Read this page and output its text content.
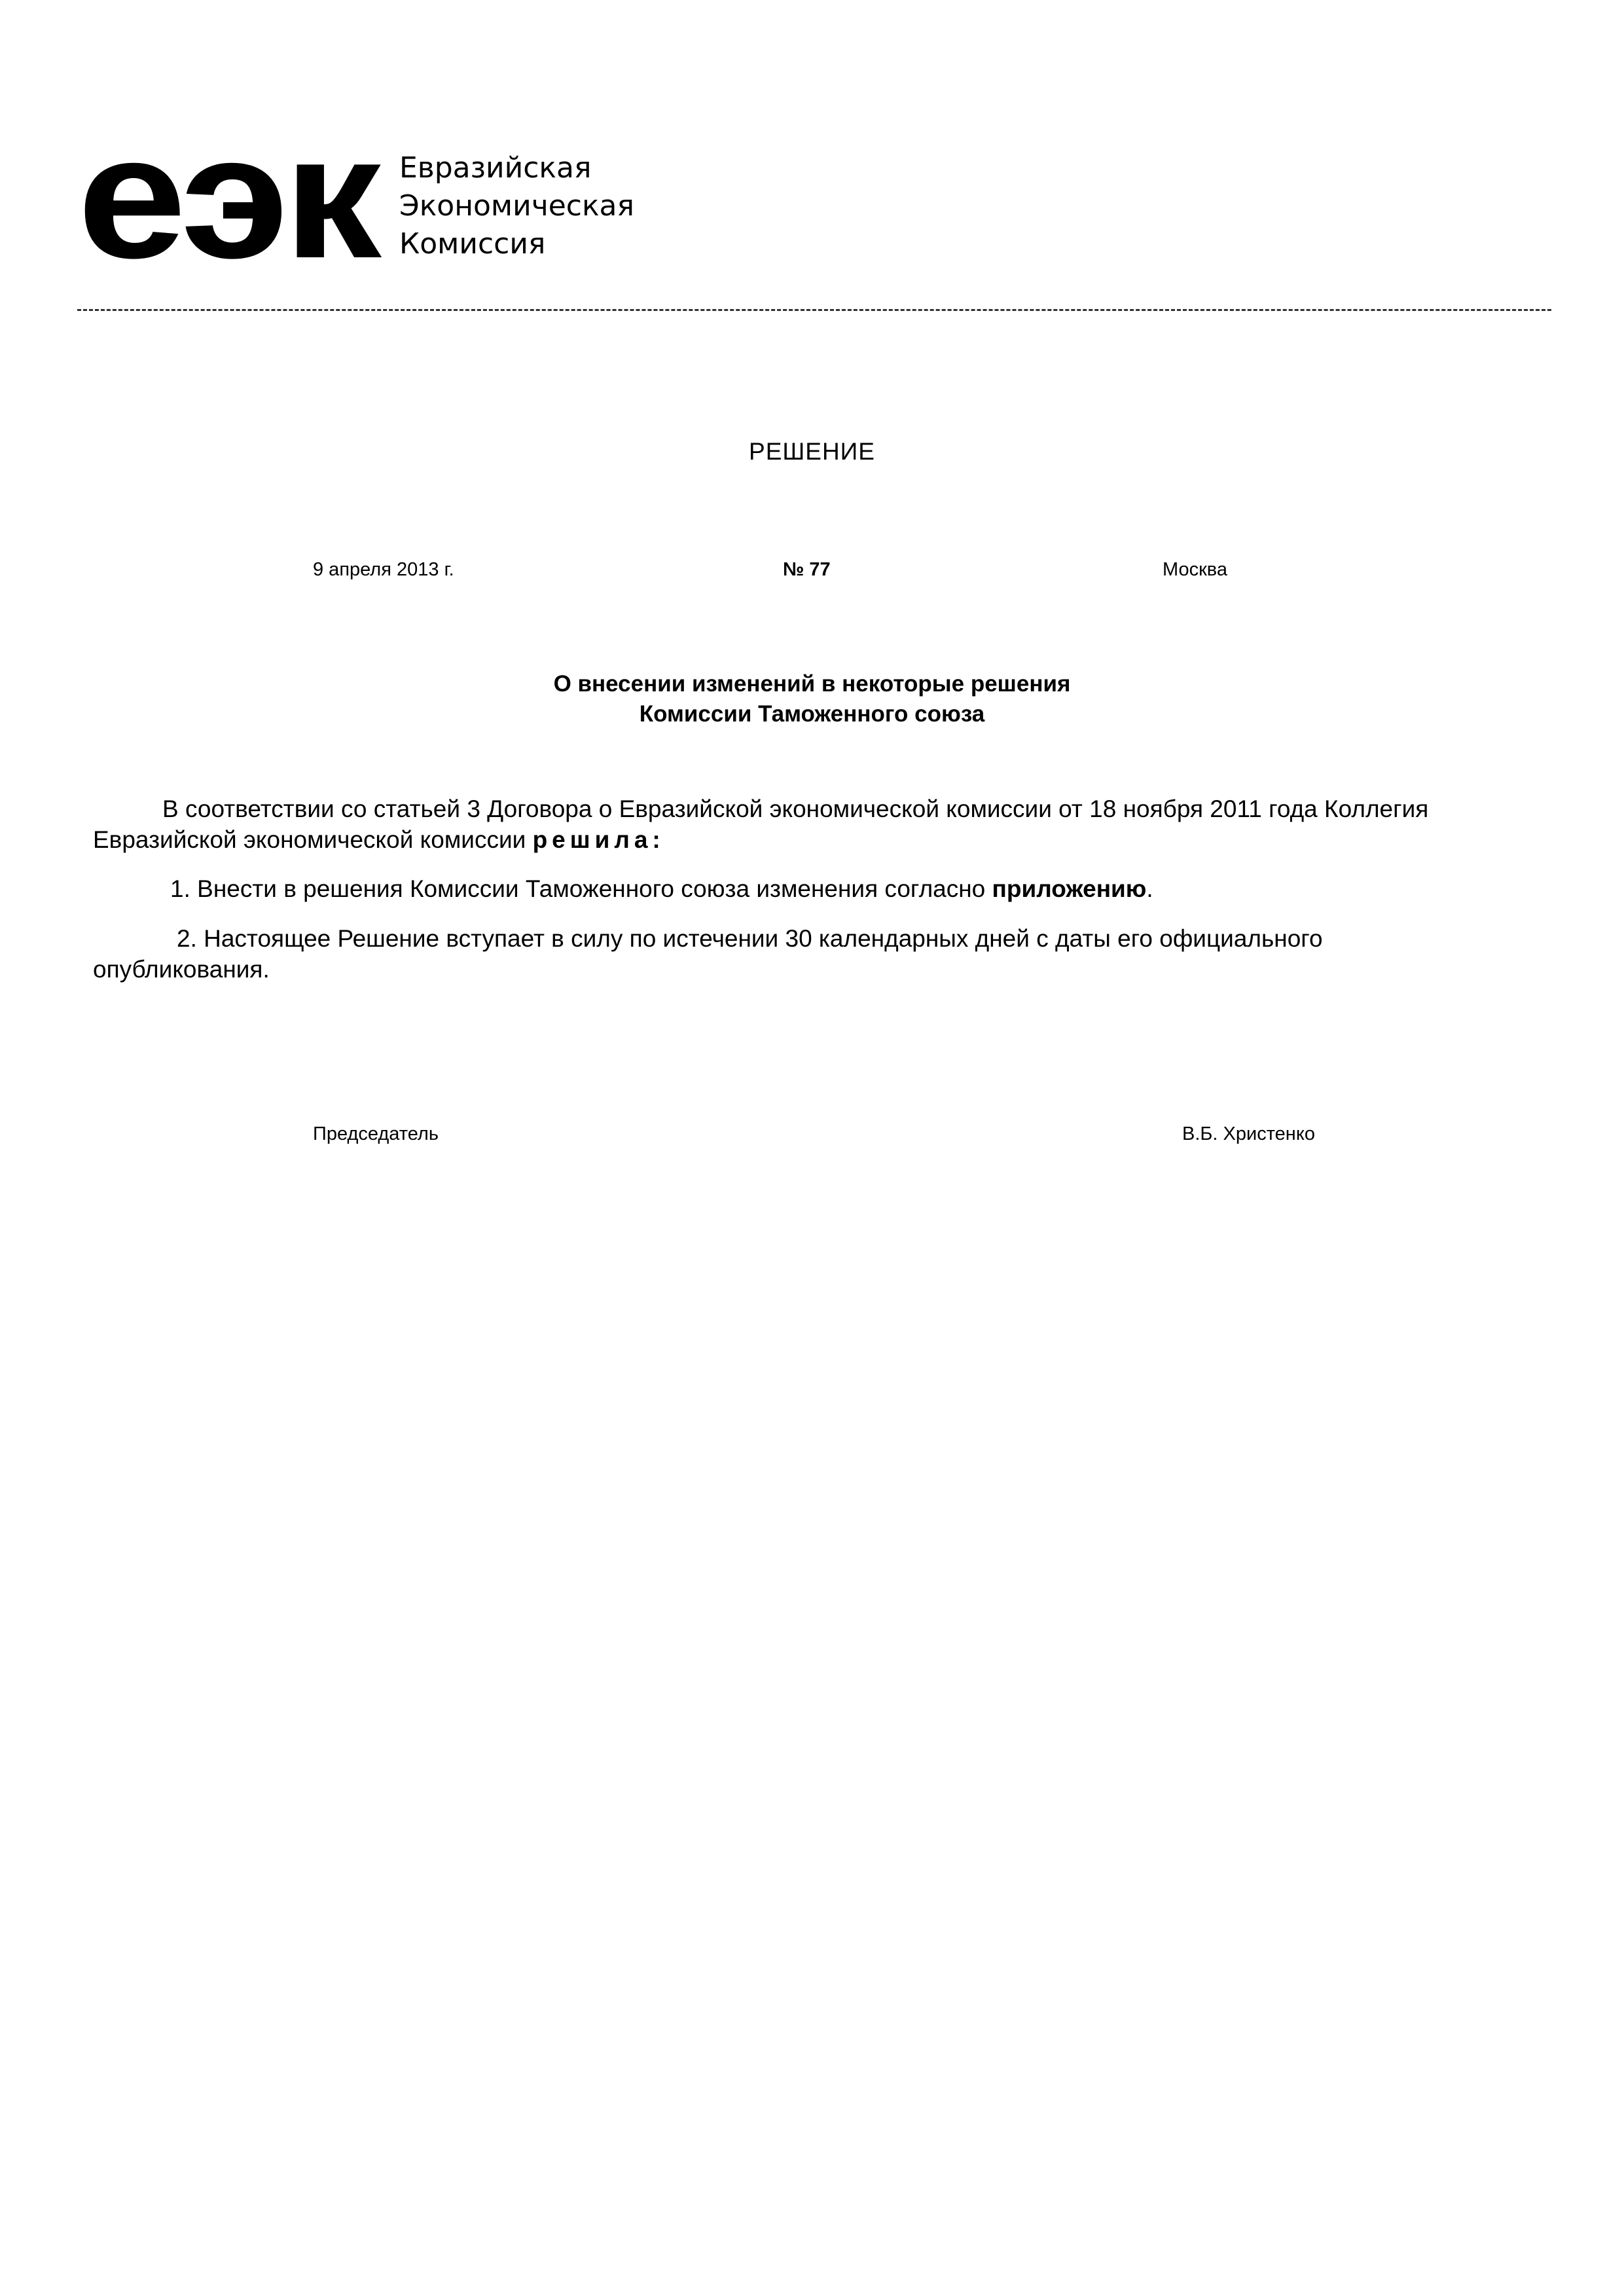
еэк Евразийская
Экономическая
Комиссия
РЕШЕНИЕ
9 апреля 2013 г.	№ 77	Москва
О внесении изменений в некоторые решения
Комиссии Таможенного союза
В соответствии со статьей 3 Договора о Евразийской экономической комиссии от 18 ноября 2011 года Коллегия Евразийской экономической комиссии решила:
1. Внести в решения Комиссии Таможенного союза изменения согласно приложению.
2. Настоящее Решение вступает в силу по истечении 30 календарных дней с даты его официального опубликования.
Председатель	В.Б. Христенко
